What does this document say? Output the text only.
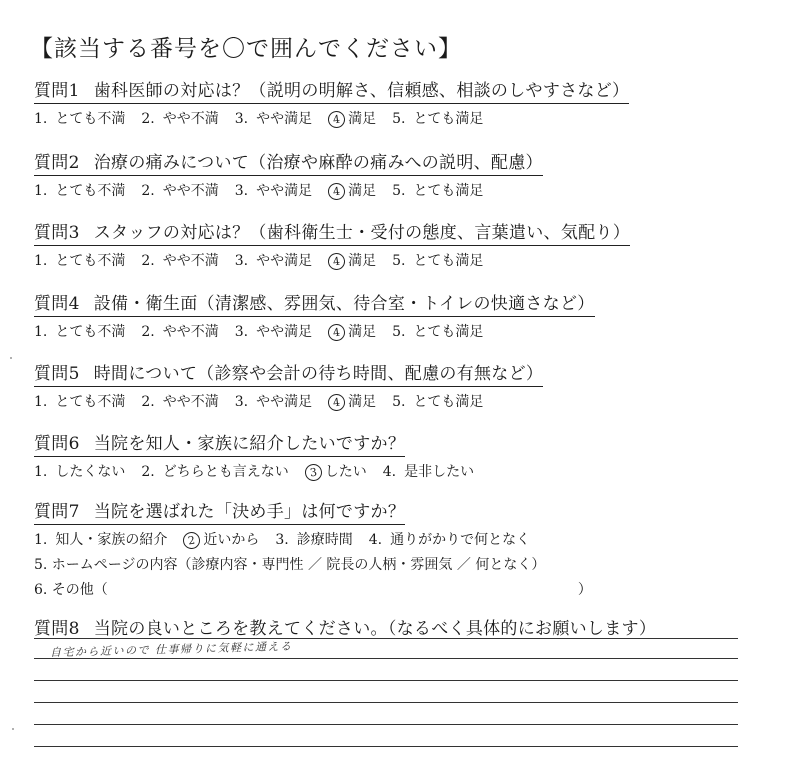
【該当する番号を〇で囲んでください】
質問1 歯科医師の対応は？（説明の明解さ、信頼感、相談のしやすさなど）
1. とても不満 2. やや不満 3. やや満足 4 満足 5. とても満足
質問2 治療の痛みについて（治療や麻酔の痛みへの説明、配慮）
1. とても不満 2. やや不満 3. やや満足 4 満足 5. とても満足
質問3 スタッフの対応は？（歯科衛生士・受付の態度、言葉遣い、気配り）
1. とても不満 2. やや不満 3. やや満足 4 満足 5. とても満足
質問4 設備・衛生面（清潔感、雰囲気、待合室・トイレの快適さなど）
1. とても不満 2. やや不満 3. やや満足 4 満足 5. とても満足
質問5 時間について（診察や会計の待ち時間、配慮の有無など）
1. とても不満 2. やや不満 3. やや満足 4 満足 5. とても満足
質問6 当院を知人・家族に紹介したいですか？
1. したくない 2. どちらとも言えない 3 したい 4. 是非したい
質問7 当院を選ばれた「決め手」は何ですか？
1. 知人・家族の紹介 2 近いから 3. 診療時間 4. 通りがかりで何となく
5. ホームページの内容（診療内容・専門性 ／ 院長の人柄・雰囲気 ／ 何となく）
6. その他（	）
質問8 当院の良いところを教えてください。（なるべく具体的にお願いします）
自宅から近いので 仕事帰りに気軽に通える
